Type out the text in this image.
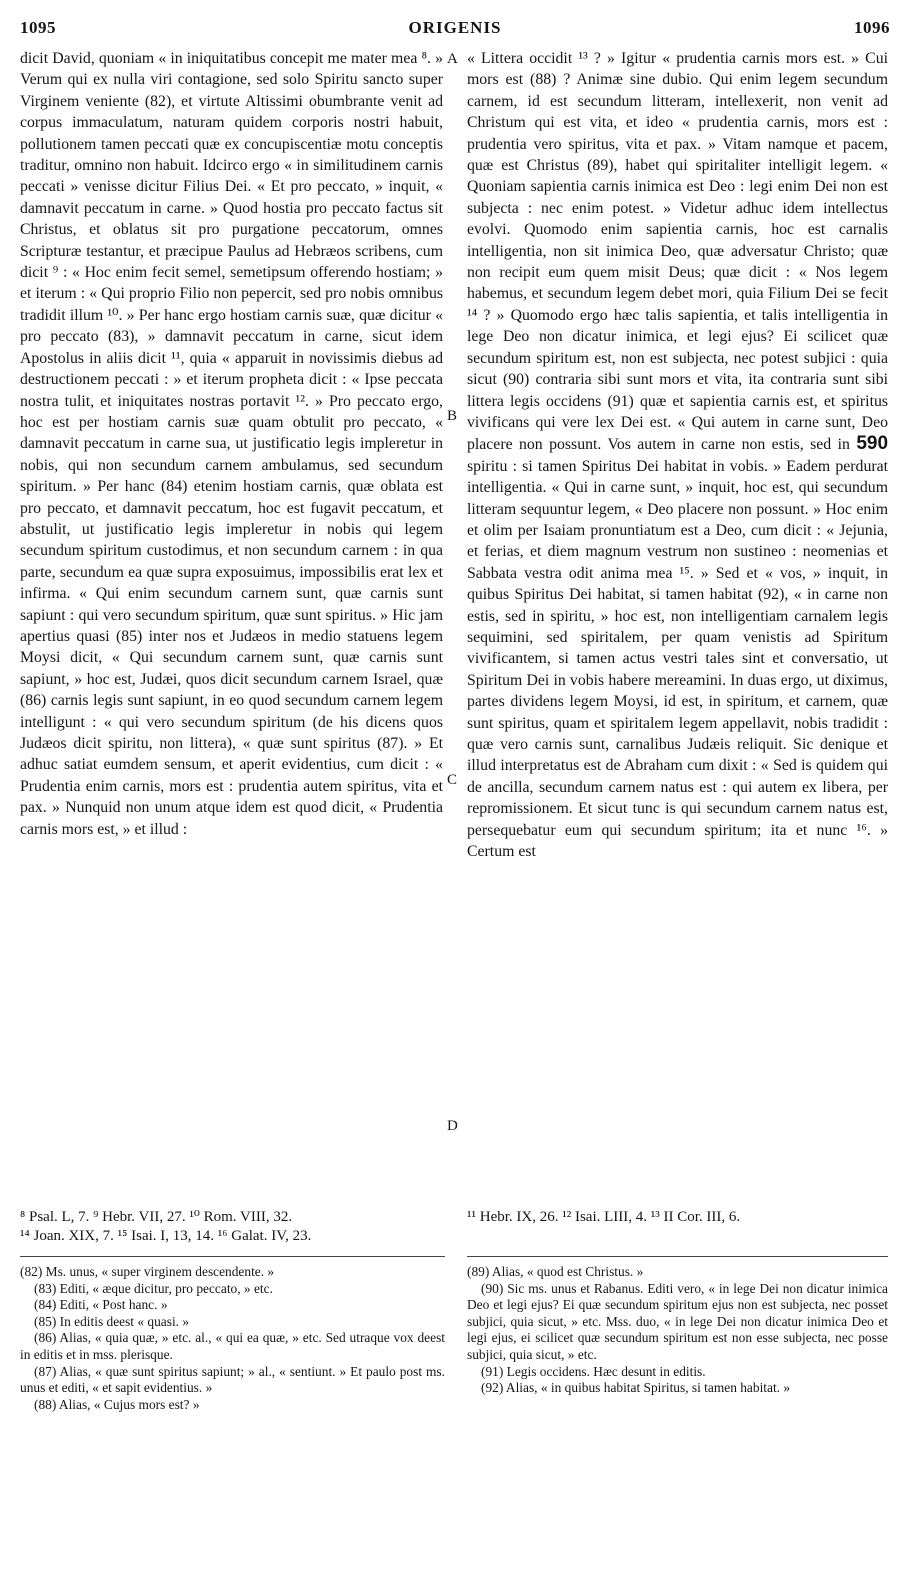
1095	ORIGENIS	1096

dicit David, quoniam « in iniquitatibus concepit me mater mea ⁸. » Verum qui ex nulla viri contagione, sed solo Spiritu sancto super Virginem veniente (82), et virtute Altissimi obumbrante venit ad corpus immaculatum, naturam quidem corporis nostri habuit, pollutionem tamen peccati quæ ex concupiscentiæ motu conceptis traditur, omnino non habuit. Idcirco ergo « in similitudinem carnis peccati » venisse dicitur Filius Dei. « Et pro peccato, » inquit, « damnavit peccatum in carne. » Quod hostia pro peccato factus sit Christus, et oblatus sit pro purgatione peccatorum, omnes Scripturæ testantur, et præcipue Paulus ad Hebræos scribens, cum dicit ⁹ : « Hoc enim fecit semel, semetipsum offerendo hostiam; » et iterum : « Qui proprio Filio non pepercit, sed pro nobis omnibus tradidit illum ¹⁰. » Per hanc ergo hostiam carnis suæ, quæ dicitur « pro peccato (83), » damnavit peccatum in carne, sicut idem Apostolus in aliis dicit ¹¹, quia « apparuit in novissimis diebus ad destructionem peccati : » et iterum propheta dicit : « Ipse peccata nostra tulit, et iniquitates nostras portavit ¹². » Pro peccato ergo, hoc est per hostiam carnis suæ quam obtulit pro peccato, « damnavit peccatum in carne sua, ut justificatio legis impleretur in nobis, qui non secundum carnem ambulamus, sed secundum spiritum. » Per hanc (84) etenim hostiam carnis, quæ oblata est pro peccato, et damnavit peccatum, hoc est fugavit peccatum, et abstulit, ut justificatio legis impleretur in nobis qui legem secundum spiritum custodimus, et non secundum carnem : in qua parte, secundum ea quæ supra exposuimus, impossibilis erat lex et infirma. « Qui enim secundum carnem sunt, quæ carnis sunt sapiunt : qui vero secundum spiritum, quæ sunt spiritus. » Hic jam apertius quasi (85) inter nos et Judæos in medio statuens legem Moysi dicit, « Qui secundum carnem sunt, quæ carnis sunt sapiunt, » hoc est, Judæi, quos dicit secundum carnem Israel, quæ (86) carnis legis sunt sapiunt, in eo quod secundum carnem legem intelligunt : « qui vero secundum spiritum (de his dicens quos Judæos dicit spiritu, non littera), « quæ sunt spiritus (87). » Et adhuc satiat eumdem sensum, et aperit evidentius, cum dicit : « Prudentia enim carnis, mors est : prudentia autem spiritus, vita et pax. » Nunquid non unum atque idem est quod dicit, « Prudentia carnis mors est, » et illud :

A
B
C
D

« Littera occidit ¹³ ? » Igitur « prudentia carnis mors est. » Cui mors est (88) ? Animæ sine dubio. Qui enim legem secundum carnem, id est secundum litteram, intellexerit, non venit ad Christum qui est vita, et ideo « prudentia carnis, mors est : prudentia vero spiritus, vita et pax. » Vitam namque et pacem, quæ est Christus (89), habet qui spiritaliter intelligit legem. « Quoniam sapientia carnis inimica est Deo : legi enim Dei non est subjecta : nec enim potest. » Videtur adhuc idem intellectus evolvi. Quomodo enim sapientia carnis, hoc est carnalis intelligentia, non sit inimica Deo, quæ adversatur Christo; quæ non recipit eum quem misit Deus; quæ dicit : « Nos legem habemus, et secundum legem debet mori, quia Filium Dei se fecit ¹⁴ ? » Quomodo ergo hæc talis sapientia, et talis intelligentia in lege Deo non dicatur inimica, et legi ejus? Ei scilicet quæ secundum spiritum est, non est subjecta, nec potest subjici : quia sicut (90) contraria sibi sunt mors et vita, ita contraria sunt sibi littera legis occidens (91) quæ et sapientia carnis est, et spiritus vivificans qui vere lex Dei est. « Qui autem in carne sunt, Deo placere non possunt. Vos autem in carne non estis, sed in 590 spiritu : si tamen Spiritus Dei habitat in vobis. » Eadem perdurat intelligentia. « Qui in carne sunt, » inquit, hoc est, qui secundum litteram sequuntur legem, « Deo placere non possunt. » Hoc enim et olim per Isaiam pronuntiatum est a Deo, cum dicit : « Jejunia, et ferias, et diem magnum vestrum non sustineo : neomenias et Sabbata vestra odit anima mea ¹⁵. » Sed et « vos, » inquit, in quibus Spiritus Dei habitat, si tamen habitat (92), « in carne non estis, sed in spiritu, » hoc est, non intelligentiam carnalem legis sequimini, sed spiritalem, per quam venistis ad Spiritum vivificantem, si tamen actus vestri tales sint et conversatio, ut Spiritum Dei in vobis habere mereamini. In duas ergo, ut diximus, partes dividens legem Moysi, id est, in spiritum, et carnem, quæ sunt spiritus, quam et spiritalem legem appellavit, nobis tradidit : quæ vero carnis sunt, carnalibus Judæis reliquit. Sic denique et illud interpretatus est de Abraham cum dixit : « Sed is quidem qui de ancilla, secundum carnem natus est : qui autem ex libera, per repromissionem. Et sicut tunc is qui secundum carnem natus est, persequebatur eum qui secundum spiritum; ita et nunc ¹⁶. » Certum est

⁸ Psal. L, 7. ⁹ Hebr. VII, 27. ¹⁰ Rom. VIII, 32.
¹⁴ Joan. XIX, 7. ¹⁵ Isai. I, 13, 14. ¹⁶ Galat. IV, 23.
¹¹ Hebr. IX, 26. ¹² Isai. LIII, 4. ¹³ II Cor. III, 6.

(82) Ms. unus, « super virginem descendente. »

(83) Editi, « æque dicitur, pro peccato, » etc.

(84) Editi, « Post hanc. »

(85) In editis deest « quasi. »

(86) Alias, « quia quæ, » etc. al., « qui ea quæ, » etc. Sed utraque vox deest in editis et in mss. plerisque.

(87) Alias, « quæ sunt spiritus sapiunt; » al., « sentiunt. » Et paulo post ms. unus et editi, « et sapit evidentius. »

(88) Alias, « Cujus mors est? »

(89) Alias, « quod est Christus. »

(90) Sic ms. unus et Rabanus. Editi vero, « in lege Dei non dicatur inimica Deo et legi ejus? Ei quæ secundum spiritum ejus non est subjecta, nec posset subjici, quia sicut, » etc. Mss. duo, « in lege Dei non dicatur inimica Deo et legi ejus, ei scilicet quæ secundum spiritum est non esse subjecta, nec posse subjici, quia sicut, » etc.

(91) Legis occidens. Hæc desunt in editis.

(92) Alias, « in quibus habitat Spiritus, si tamen habitat. »
